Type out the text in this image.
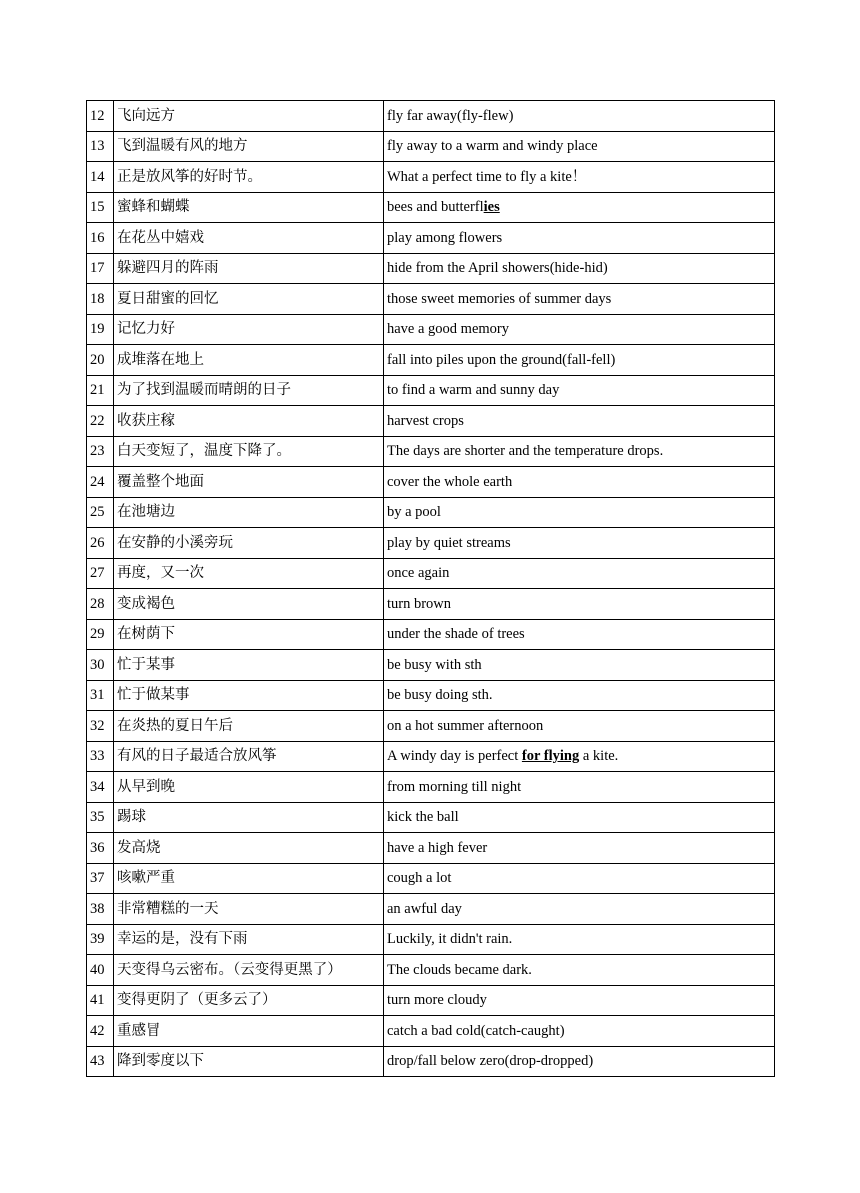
12	飞向远方	fly far away(fly-flew)
13	飞到温暖有风的地方	fly away to a warm and windy place
14	正是放风筝的好时节。	What a perfect time to fly a kite！
15	蜜蜂和蝴蝶	bees and butterflies
16	在花丛中嬉戏	play among flowers
17	躲避四月的阵雨	hide from the April showers(hide-hid)
18	夏日甜蜜的回忆	those sweet memories of summer days
19	记忆力好	have a good memory
20	成堆落在地上	fall into piles upon the ground(fall-fell)
21	为了找到温暖而晴朗的日子	to find a warm and sunny day
22	收获庄稼	harvest crops
23	白天变短了，温度下降了。	The days are shorter and the temperature drops.
24	覆盖整个地面	cover the whole earth
25	在池塘边	by a pool
26	在安静的小溪旁玩	play by quiet streams
27	再度，又一次	once again
28	变成褐色	turn brown
29	在树荫下	under the shade of trees
30	忙于某事	be busy with sth
31	忙于做某事	be busy doing sth.
32	在炎热的夏日午后	on a hot summer afternoon
33	有风的日子最适合放风筝	A windy day is perfect for flying a kite.
34	从早到晚	from morning till night
35	踢球	kick the ball
36	发高烧	have a high fever
37	咳嗽严重	cough a lot
38	非常糟糕的一天	an awful day
39	幸运的是，没有下雨	Luckily, it didn't rain.
40	天变得乌云密布。（云变得更黑了）	The clouds became dark.
41	变得更阴了（更多云了）	turn more cloudy
42	重感冒	catch a bad cold(catch-caught)
43	降到零度以下	drop/fall below zero(drop-dropped)
